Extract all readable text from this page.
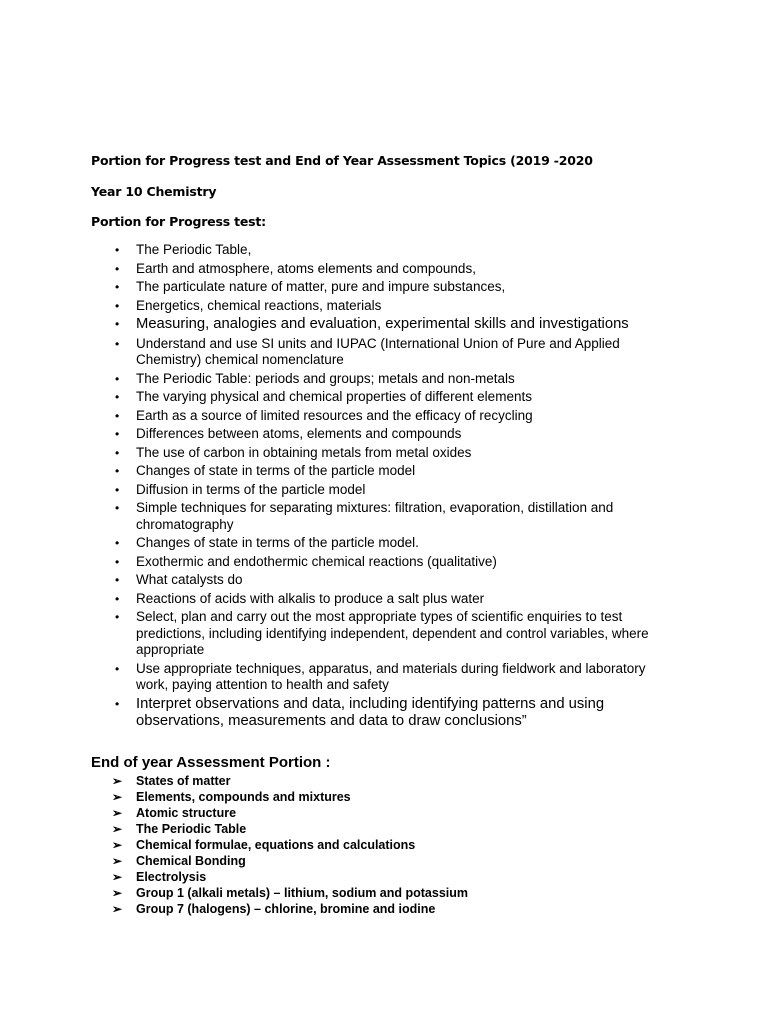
Portion for Progress test and End of Year Assessment Topics (2019 -2020
Year 10 Chemistry
Portion for Progress test:
• The Periodic Table,
• Earth and atmosphere, atoms elements and compounds,
• The particulate nature of matter, pure and impure substances,
• Energetics, chemical reactions, materials
• Measuring, analogies and evaluation, experimental skills and investigations
• Understand and use SI units and IUPAC (International Union of Pure and Applied Chemistry) chemical nomenclature
• The Periodic Table: periods and groups; metals and non-metals
• The varying physical and chemical properties of different elements
• Earth as a source of limited resources and the efficacy of recycling
• Differences between atoms, elements and compounds
• The use of carbon in obtaining metals from metal oxides
• Changes of state in terms of the particle model
• Diffusion in terms of the particle model
• Simple techniques for separating mixtures: filtration, evaporation, distillation and chromatography
• Changes of state in terms of the particle model.
• Exothermic and endothermic chemical reactions (qualitative)
• What catalysts do
• Reactions of acids with alkalis to produce a salt plus water
• Select, plan and carry out the most appropriate types of scientific enquiries to test predictions, including identifying independent, dependent and control variables, where appropriate
• Use appropriate techniques, apparatus, and materials during fieldwork and laboratory work, paying attention to health and safety
• Interpret observations and data, including identifying patterns and using observations, measurements and data to draw conclusions”
End of year Assessment Portion :
➢ States of matter
➢ Elements, compounds and mixtures
➢ Atomic structure
➢ The Periodic Table
➢ Chemical formulae, equations and calculations
➢ Chemical Bonding
➢ Electrolysis
➢ Group 1 (alkali metals) – lithium, sodium and potassium
➢ Group 7 (halogens) – chlorine, bromine and iodine
